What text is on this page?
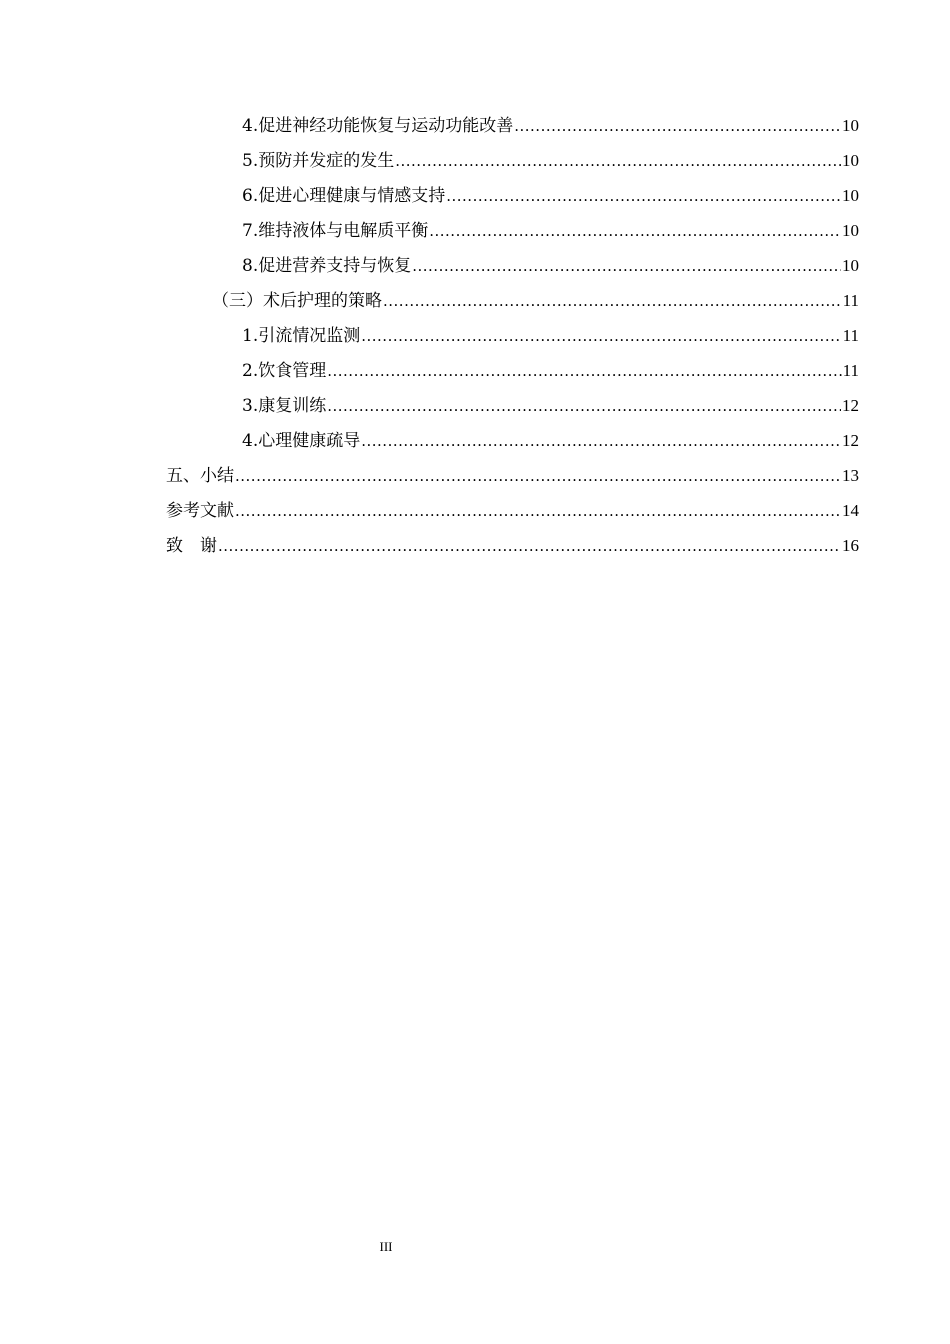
4. 促进神经功能恢复与运动功能改善 .....	10
5. 预防并发症的发生 .....	10
6. 促进心理健康与情感支持 .....	10
7. 维持液体与电解质平衡 .....	10
8. 促进营养支持与恢复 .....	10
（三） 术后护理的策略 .....	11
1. 引流情况监测 .....	11
2. 饮食管理 .....	11
3. 康复训练 .....	12
4. 心理健康疏导 .....	12
五、 小结 .....	13
参考文献 .....	14
致　谢 .....	16
III
